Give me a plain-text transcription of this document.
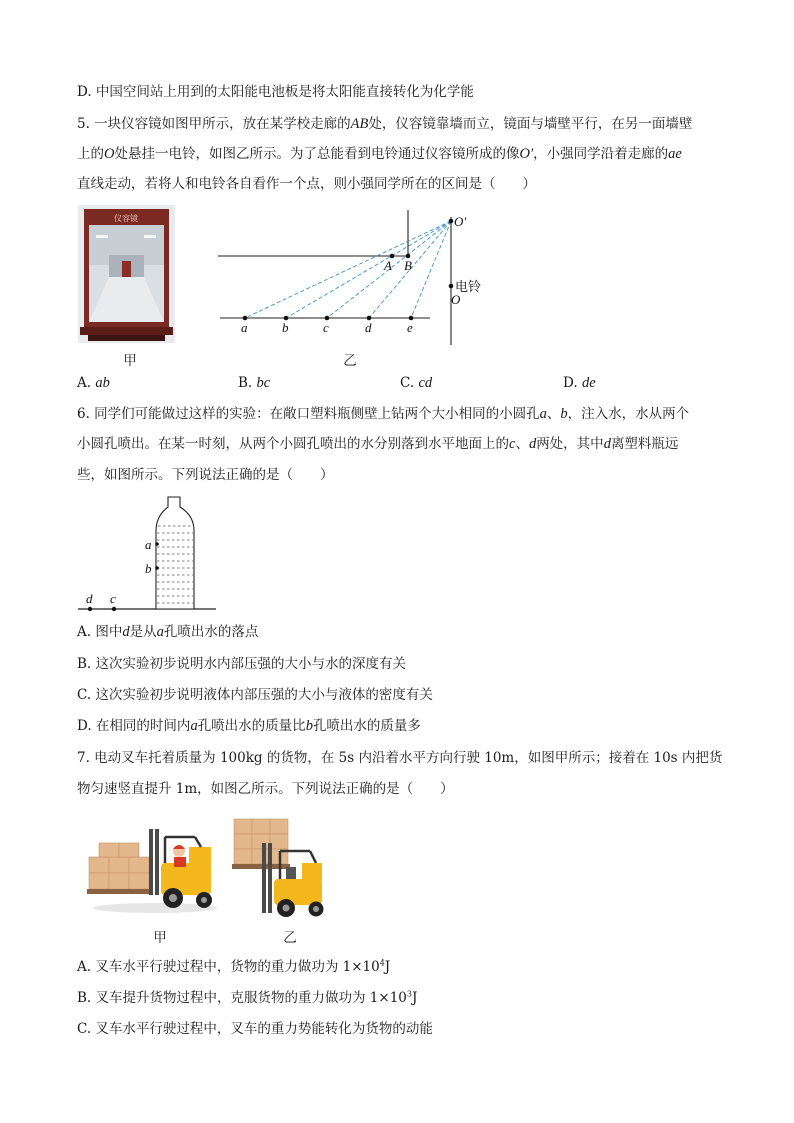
D. 中国空间站上用到的太阳能电池板是将太阳能直接转化为化学能
5. 一块仪容镜如图甲所示，放在某学校走廊的AB处，仪容镜靠墙而立，镜面与墙壁平行，在另一面墙壁
上的O处悬挂一电铃，如图乙所示。为了总能看到电铃通过仪容镜所成的像O′，小强同学沿着走廊的ae
直线走动，若将人和电铃各自看作一个点，则小强同学所在的区间是（　　）
仪容镜
甲
O′
A B
O
a	b	c	d	e
电铃
乙
A. ab	B. bc	C. cd	D. de
6. 同学们可能做过这样的实验：在敞口塑料瓶侧壁上钻两个大小相同的小圆孔a、b，注入水，水从两个
小圆孔喷出。在某一时刻，从两个小圆孔喷出的水分别落到水平地面上的c、d两处，其中d离塑料瓶远
些，如图所示。下列说法正确的是（　　）
a
b
d c
A. 图中d是从a孔喷出水的落点
B. 这次实验初步说明水内部压强的大小与水的深度有关
C. 这次实验初步说明液体内部压强的大小与液体的密度有关
D. 在相同的时间内a孔喷出水的质量比b孔喷出水的质量多
7. 电动叉车托着质量为 100kg 的货物，在 5s 内沿着水平方向行驶 10m，如图甲所示；接着在 10s 内把货
物匀速竖直提升 1m，如图乙所示。下列说法正确的是（　　）
甲	乙
A. 叉车水平行驶过程中，货物的重力做功为 $1\times 10^4J$
B. 叉车提升货物过程中，克服货物的重力做功为 $1\times 10^3J$
C. 叉车水平行驶过程中，叉车的重力势能转化为货物的动能
